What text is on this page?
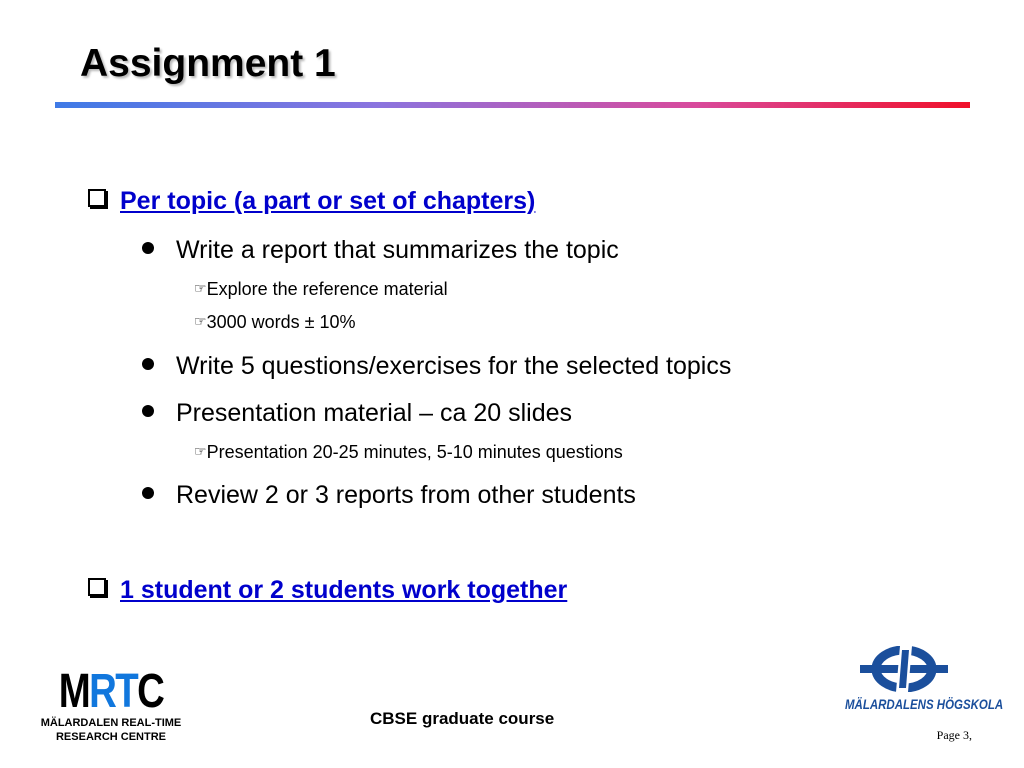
Assignment 1
Per topic (a part or set of chapters)
Write a report that summarizes the topic
☞Explore the reference material
☞3000 words ± 10%
Write 5 questions/exercises for the selected topics
Presentation material – ca 20 slides
☞Presentation 20-25 minutes, 5-10 minutes questions
Review 2 or 3 reports from other students
1 student or 2 students work together
MRTC
MÄLARDALEN REAL-TIME
RESEARCH CENTRE
CBSE graduate course
MÄLARDALENS HÖGSKOLA
Page 3,
